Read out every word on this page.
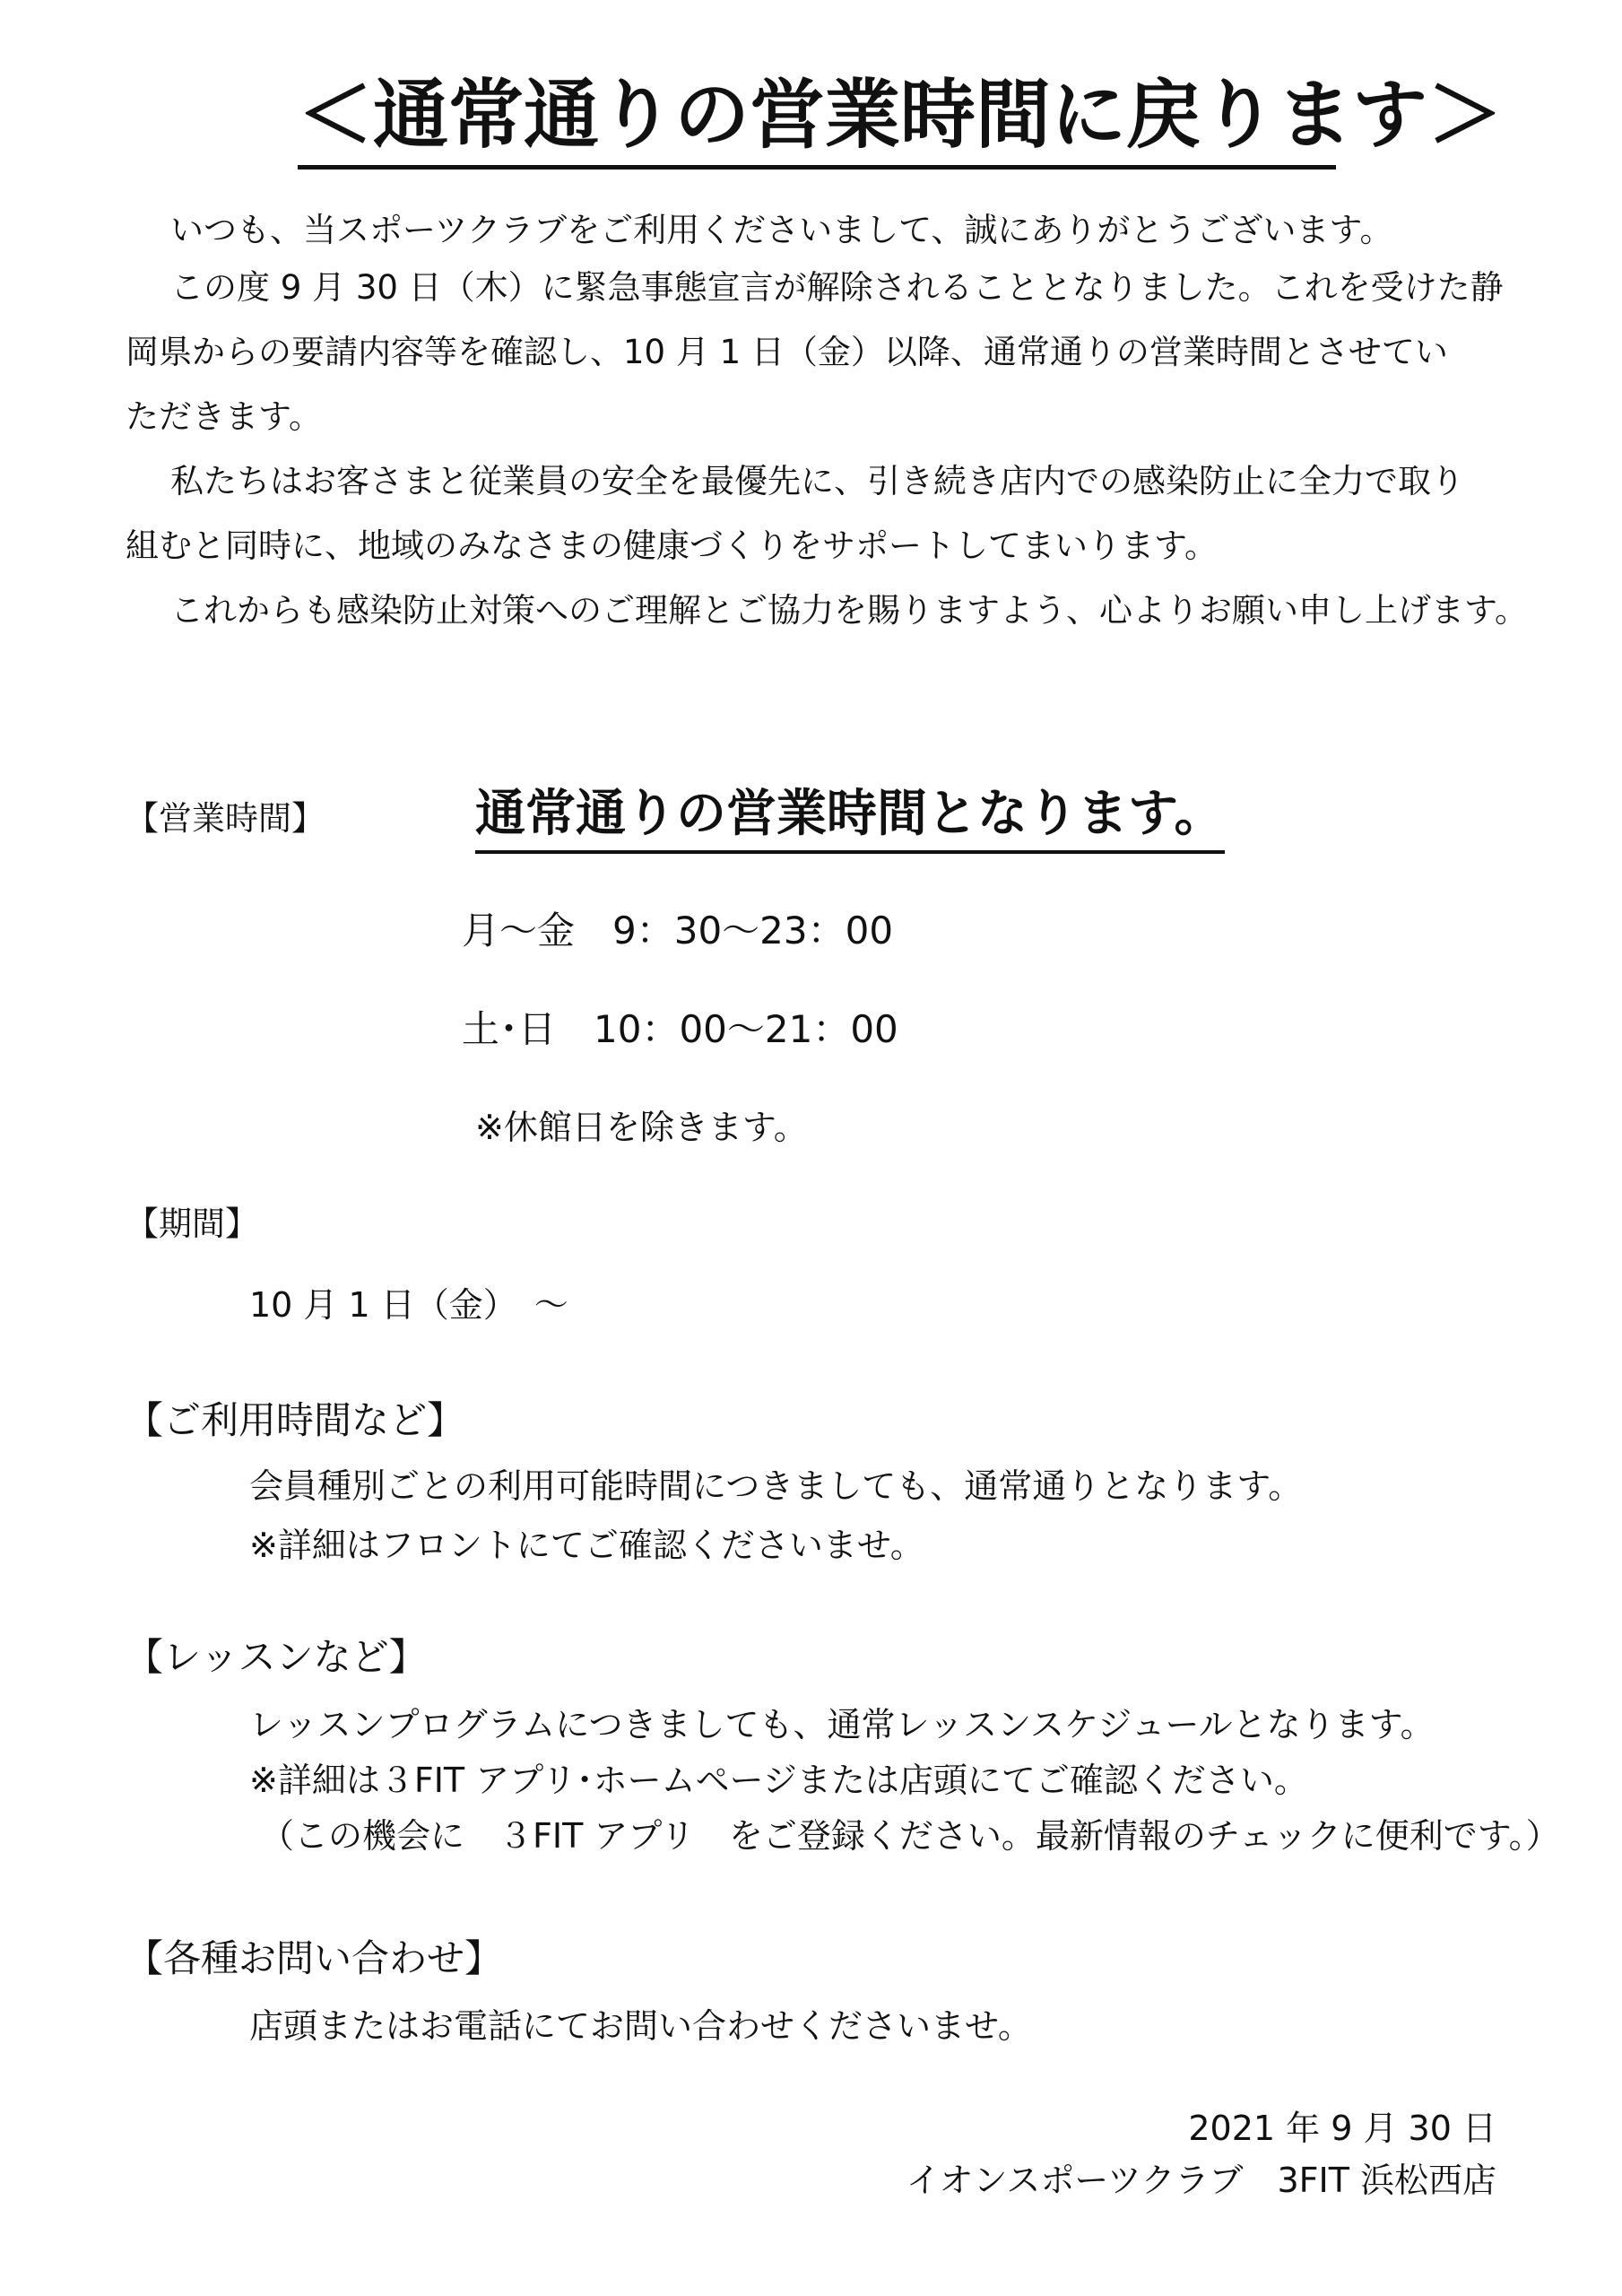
＜通常通りの営業時間に戻ります＞
いつも、当スポーツクラブをご利用くださいまして、誠にありがとうございます。
この度 9 月 30 日（木）に緊急事態宣言が解除されることとなりました。これを受けた静
岡県からの要請内容等を確認し、10 月 1 日（金）以降、通常通りの営業時間とさせてい
ただきます。
私たちはお客さまと従業員の安全を最優先に、引き続き店内での感染防止に全力で取り
組むと同時に、地域のみなさまの健康づくりをサポートしてまいります。
これからも感染防止対策へのご理解とご協力を賜りますよう、心よりお願い申し上げます。
【営業時間】	通常通りの営業時間となります。
月～金　9：30～23：00
土･日　10：00～21：00
※休館日を除きます。
【期間】
10 月 1 日（金）　～
【ご利用時間など】
会員種別ごとの利用可能時間につきましても、通常通りとなります。
※詳細はフロントにてご確認くださいませ。
【レッスンなど】
レッスンプログラムにつきましても、通常レッスンスケジュールとなります。
※詳細は３FIT アプリ･ホームページまたは店頭にてご確認ください。
（この機会に　３FIT アプリ　をご登録ください。最新情報のチェックに便利です。）
【各種お問い合わせ】
店頭またはお電話にてお問い合わせくださいませ。
2021 年 9 月 30 日
イオンスポーツクラブ　3FIT 浜松西店
